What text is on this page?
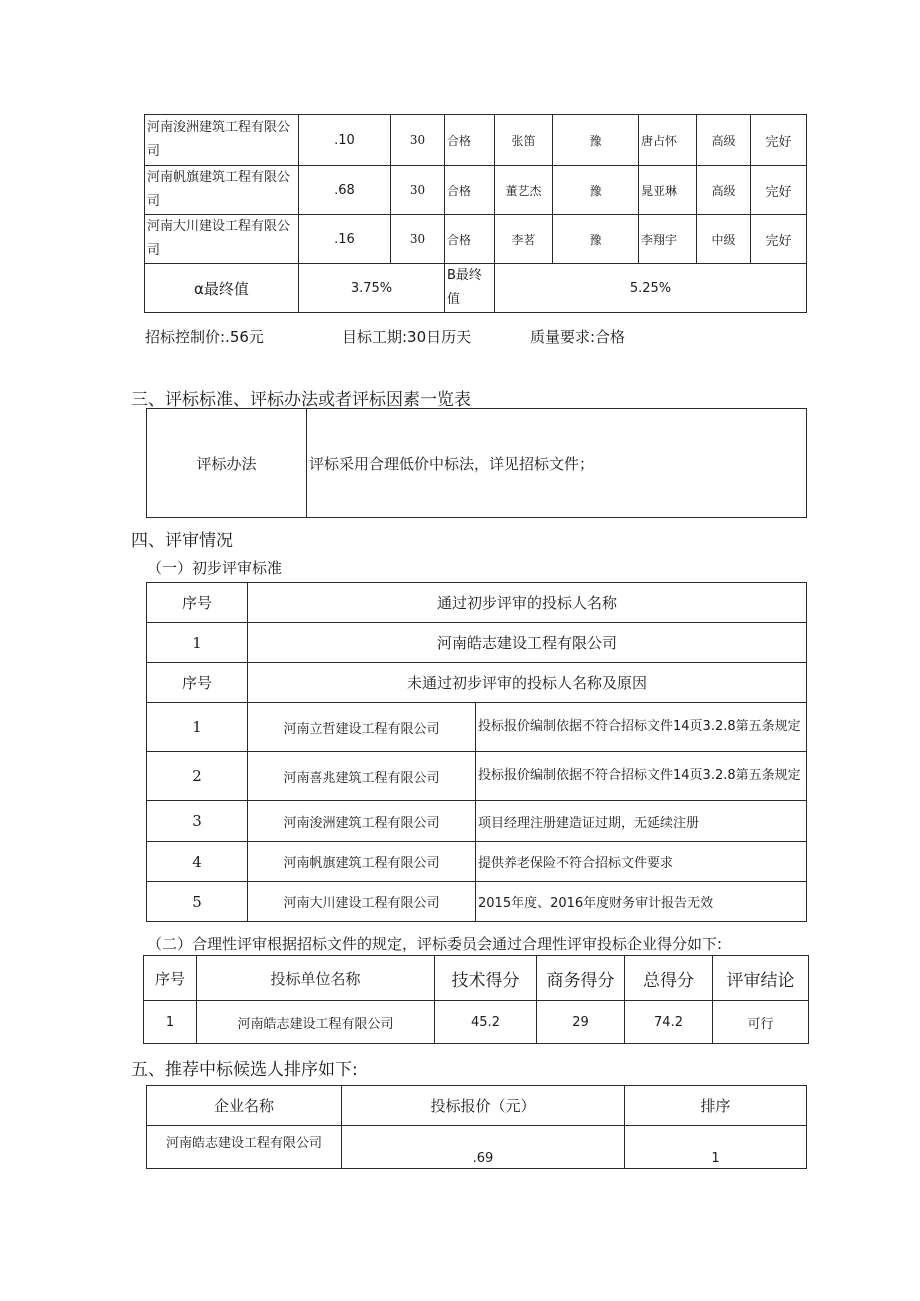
河南浚洲建筑工程有限公司	.10	30	合格	张笛	豫	唐占怀	高级	完好
河南帆旗建筑工程有限公司	.68	30	合格	董艺杰	豫	晁亚琳	高级	完好
河南大川建设工程有限公司	.16	30	合格	李茗	豫	李翔宇	中级	完好
α最终值	3.75%		B最终值	5.25%				
招标控制价:.56元	目标工期:30日历天	质量要求:合格
三、评标标准、评标办法或者评标因素一览表
评标办法	评标采用合理低价中标法，详见招标文件；
四、评审情况
（一）初步评审标准
序号	通过初步评审的投标人名称	
1	河南皓志建设工程有限公司	
序号	未通过初步评审的投标人名称及原因	
1	河南立哲建设工程有限公司	投标报价编制依据不符合招标文件14页3.2.8第五条规定
2	河南喜兆建筑工程有限公司	投标报价编制依据不符合招标文件14页3.2.8第五条规定
3	河南浚洲建筑工程有限公司	项目经理注册建造证过期，无延续注册
4	河南帆旗建筑工程有限公司	提供养老保险不符合招标文件要求
5	河南大川建设工程有限公司	2015年度、2016年度财务审计报告无效
（二）合理性评审根据招标文件的规定，评标委员会通过合理性评审投标企业得分如下:
序号	投标单位名称	技术得分	商务得分	总得分	评审结论
1	河南皓志建设工程有限公司	45.2	29	74.2	可行
五、推荐中标候选人排序如下:
企业名称	投标报价（元）	排序
河南皓志建设工程有限公司	.69	1
